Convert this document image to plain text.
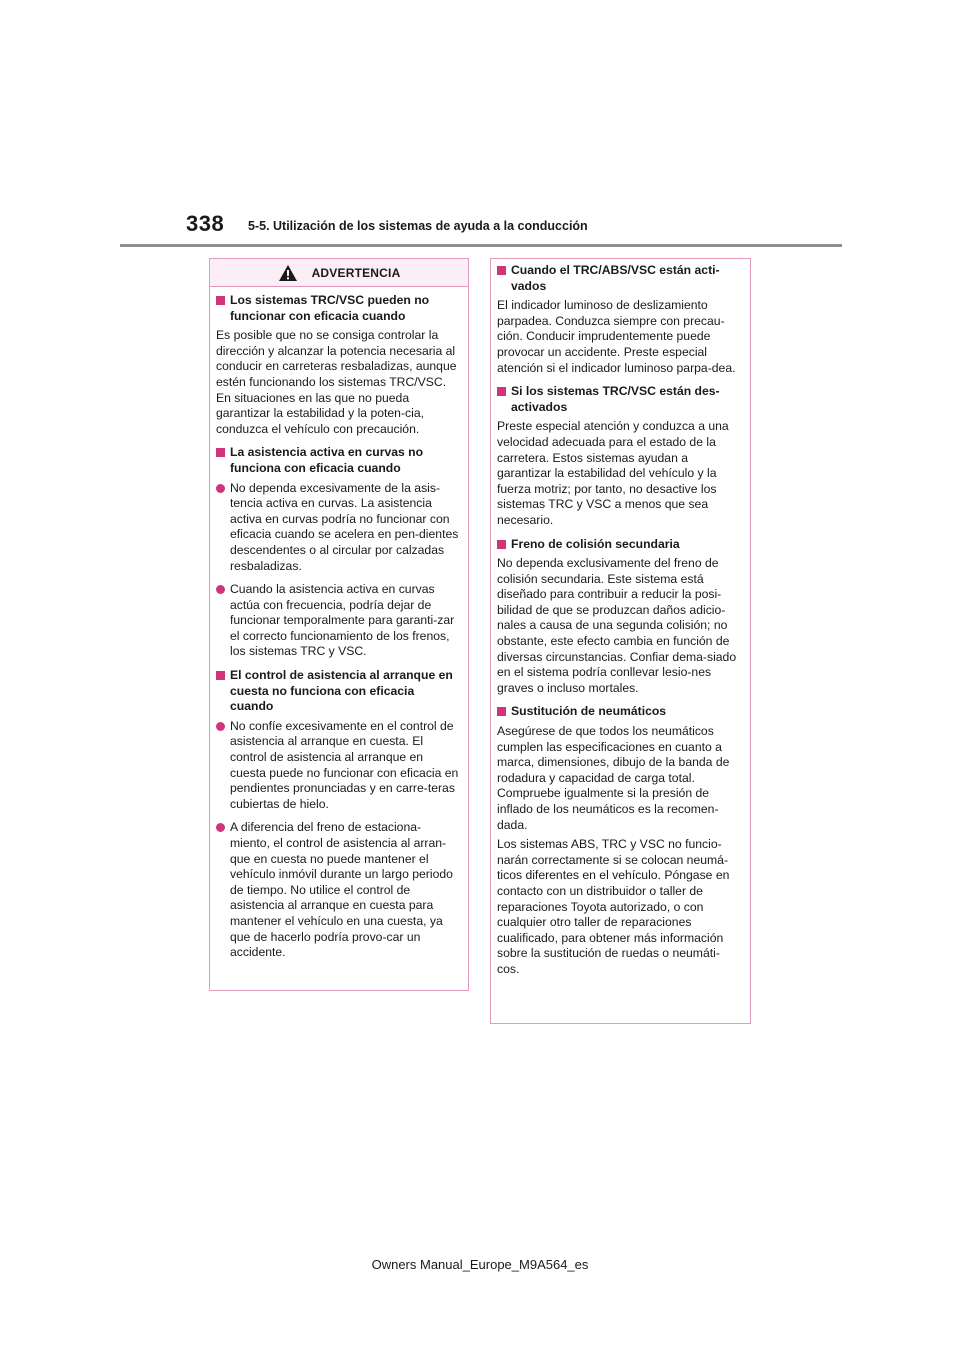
338 5-5. Utilización de los sistemas de ayuda a la conducción
ADVERTENCIA
Los sistemas TRC/VSC pueden no funcionar con eficacia cuando
Es posible que no se consiga controlar la dirección y alcanzar la potencia necesaria al conducir en carreteras resbaladizas, aunque estén funcionando los sistemas TRC/VSC. En situaciones en las que no pueda garantizar la estabilidad y la poten-cia, conduzca el vehículo con precaución.
La asistencia activa en curvas no funciona con eficacia cuando
No dependa excesivamente de la asis-tencia activa en curvas. La asistencia activa en curvas podría no funcionar con eficacia cuando se acelera en pen-dientes descendentes o al circular por calzadas resbaladizas.
Cuando la asistencia activa en curvas actúa con frecuencia, podría dejar de funcionar temporalmente para garanti-zar el correcto funcionamiento de los frenos, los sistemas TRC y VSC.
El control de asistencia al arranque en cuesta no funciona con eficacia cuando
No confíe excesivamente en el control de asistencia al arranque en cuesta. El control de asistencia al arranque en cuesta puede no funcionar con eficacia en pendientes pronunciadas y en carre-teras cubiertas de hielo.
A diferencia del freno de estaciona-miento, el control de asistencia al arran-que en cuesta no puede mantener el vehículo inmóvil durante un largo periodo de tiempo. No utilice el control de asistencia al arranque en cuesta para mantener el vehículo en una cuesta, ya que de hacerlo podría provo-car un accidente.
Cuando el TRC/ABS/VSC están acti-vados
El indicador luminoso de deslizamiento parpadea. Conduzca siempre con precau-ción. Conducir imprudentemente puede provocar un accidente. Preste especial atención si el indicador luminoso parpa-dea.
Si los sistemas TRC/VSC están des-activados
Preste especial atención y conduzca a una velocidad adecuada para el estado de la carretera. Estos sistemas ayudan a garantizar la estabilidad del vehículo y la fuerza motriz; por tanto, no desactive los sistemas TRC y VSC a menos que sea necesario.
Freno de colisión secundaria
No dependa exclusivamente del freno de colisión secundaria. Este sistema está diseñado para contribuir a reducir la posi-bilidad de que se produzcan daños adicio-nales a causa de una segunda colisión; no obstante, este efecto cambia en función de diversas circunstancias. Confiar dema-siado en el sistema podría conllevar lesio-nes graves o incluso mortales.
Sustitución de neumáticos
Asegúrese de que todos los neumáticos cumplen las especificaciones en cuanto a marca, dimensiones, dibujo de la banda de rodadura y capacidad de carga total. Compruebe igualmente si la presión de inflado de los neumáticos es la recomen-dada.
Los sistemas ABS, TRC y VSC no funcio-narán correctamente si se colocan neumá-ticos diferentes en el vehículo. Póngase en contacto con un distribuidor o taller de reparaciones Toyota autorizado, o con cualquier otro taller de reparaciones cualificado, para obtener más información sobre la sustitución de ruedas o neumáti-cos.
Owners Manual_Europe_M9A564_es
